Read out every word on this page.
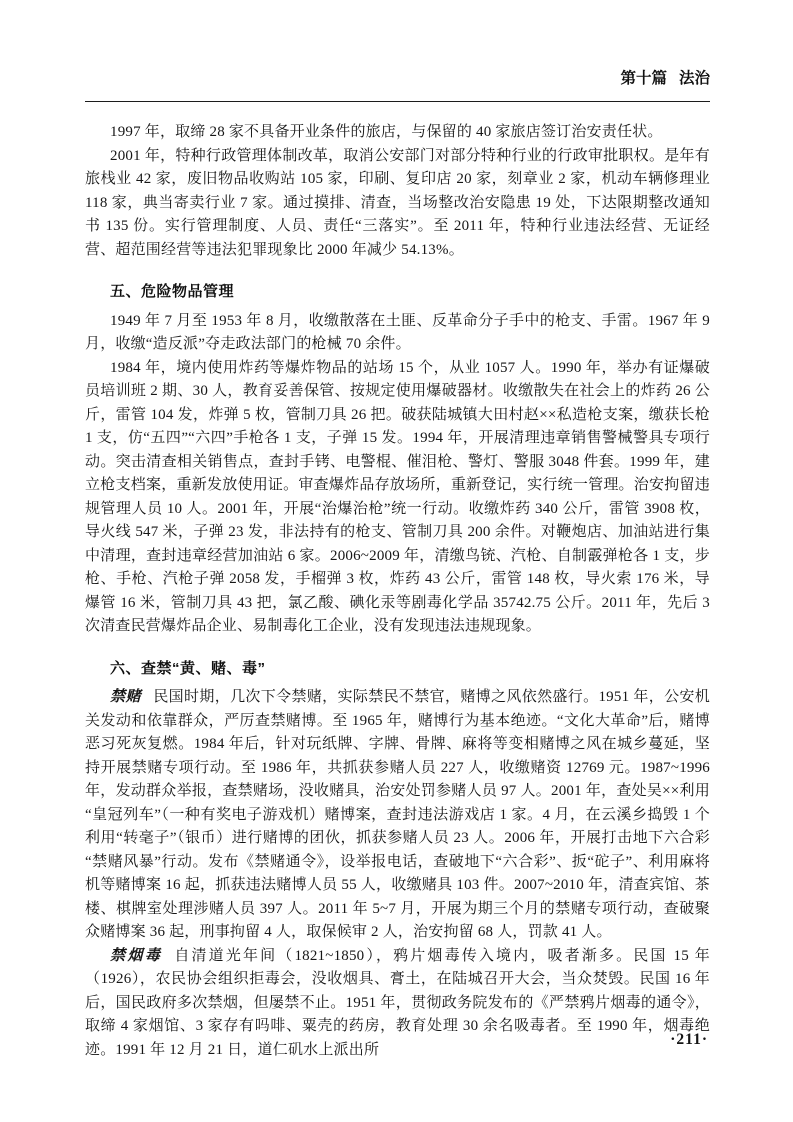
第十篇 法治

1997 年，取缔 28 家不具备开业条件的旅店，与保留的 40 家旅店签订治安责任状。

2001 年，特种行政管理体制改革，取消公安部门对部分特种行业的行政审批职权。是年有旅栈业 42 家，废旧物品收购站 105 家，印刷、复印店 20 家，刻章业 2 家，机动车辆修理业 118 家，典当寄卖行业 7 家。通过摸排、清查，当场整改治安隐患 19 处，下达限期整改通知书 135 份。实行管理制度、人员、责任“三落实”。至 2011 年，特种行业违法经营、无证经营、超范围经营等违法犯罪现象比 2000 年减少 54.13%。

五、危险物品管理

1949 年 7 月至 1953 年 8 月，收缴散落在土匪、反革命分子手中的枪支、手雷。1967 年 9 月，收缴“造反派”夺走政法部门的枪械 70 余件。

1984 年，境内使用炸药等爆炸物品的站场 15 个，从业 1057 人。1990 年，举办有证爆破员培训班 2 期、30 人，教育妥善保管、按规定使用爆破器材。收缴散失在社会上的炸药 26 公斤，雷管 104 发，炸弹 5 枚，管制刀具 26 把。破获陆城镇大田村赵××私造枪支案，缴获长枪 1 支，仿“五四”“六四”手枪各 1 支，子弹 15 发。1994 年，开展清理违章销售警械警具专项行动。突击清查相关销售点，查封手铐、电警棍、催泪枪、警灯、警服 3048 件套。1999 年，建立枪支档案，重新发放使用证。审查爆炸品存放场所，重新登记，实行统一管理。治安拘留违规管理人员 10 人。2001 年，开展“治爆治枪”统一行动。收缴炸药 340 公斤，雷管 3908 枚，导火线 547 米，子弹 23 发，非法持有的枪支、管制刀具 200 余件。对鞭炮店、加油站进行集中清理，查封违章经营加油站 6 家。2006~2009 年，清缴鸟铳、汽枪、自制霰弹枪各 1 支，步枪、手枪、汽枪子弹 2058 发，手榴弹 3 枚，炸药 43 公斤，雷管 148 枚，导火索 176 米，导爆管 16 米，管制刀具 43 把，氯乙酸、碘化汞等剧毒化学品 35742.75 公斤。2011 年，先后 3 次清查民营爆炸品企业、易制毒化工企业，没有发现违法违规现象。

六、查禁“黄、赌、毒”

禁赌 民国时期，几次下令禁赌，实际禁民不禁官，赌博之风依然盛行。1951 年，公安机关发动和依靠群众，严厉查禁赌博。至 1965 年，赌博行为基本绝迹。“文化大革命”后，赌博恶习死灰复燃。1984 年后，针对玩纸牌、字牌、骨牌、麻将等变相赌博之风在城乡蔓延，坚持开展禁赌专项行动。至 1986 年，共抓获参赌人员 227 人，收缴赌资 12769 元。1987~1996 年，发动群众举报，查禁赌场，没收赌具，治安处罚参赌人员 97 人。2001 年，查处吴××利用“皇冠列车”（一种有奖电子游戏机）赌博案，查封违法游戏店 1 家。4 月，在云溪乡捣毁 1 个利用“转毫子”（银币）进行赌博的团伙，抓获参赌人员 23 人。2006 年，开展打击地下六合彩“禁赌风暴”行动。发布《禁赌通令》，设举报电话，查破地下“六合彩”、扳“砣子”、利用麻将机等赌博案 16 起，抓获违法赌博人员 55 人，收缴赌具 103 件。2007~2010 年，清查宾馆、茶楼、棋牌室处理涉赌人员 397 人。2011 年 5~7 月，开展为期三个月的禁赌专项行动，查破聚众赌博案 36 起，刑事拘留 4 人，取保候审 2 人，治安拘留 68 人，罚款 41 人。

禁烟毒 自清道光年间（1821~1850），鸦片烟毒传入境内，吸者渐多。民国 15 年（1926），农民协会组织拒毒会，没收烟具、膏土，在陆城召开大会，当众焚毁。民国 16 年后，国民政府多次禁烟，但屡禁不止。1951 年，贯彻政务院发布的《严禁鸦片烟毒的通令》，取缔 4 家烟馆、3 家存有吗啡、粟壳的药房，教育处理 30 余名吸毒者。至 1990 年，烟毒绝迹。1991 年 12 月 21 日，道仁矶水上派出所

·211·
